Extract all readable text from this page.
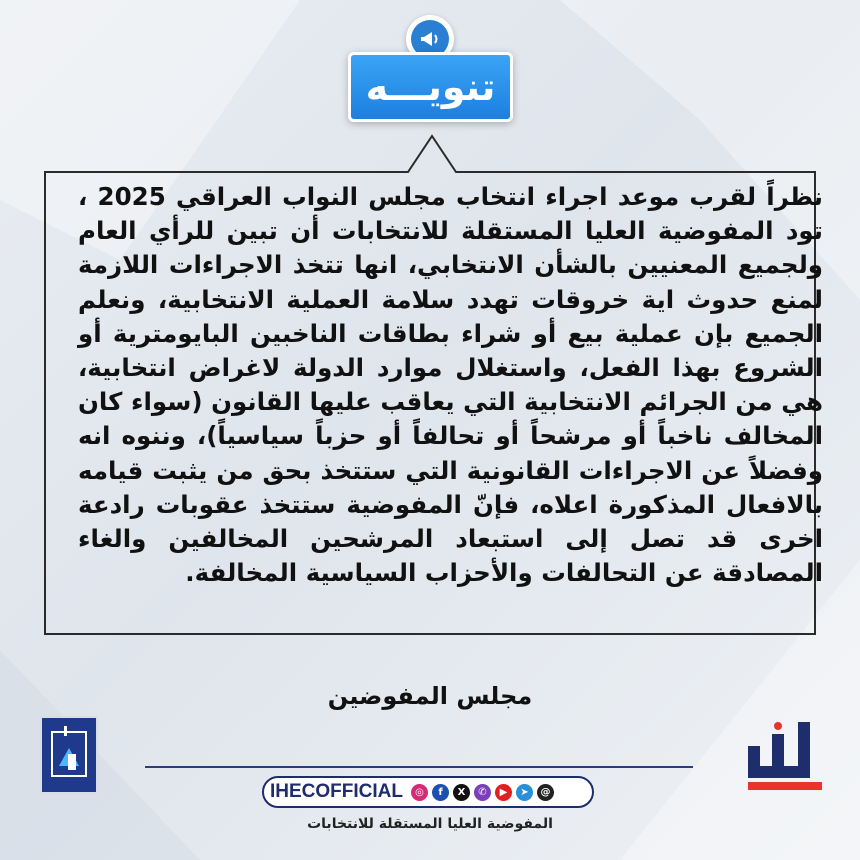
تنويـــه
نظراً لقرب موعد اجراء انتخاب مجلس النواب العراقي 2025 ، تود المفوضية العليا المستقلة للانتخابات أن تبين للرأي العام ولجميع المعنيين بالشأن الانتخابي، انها تتخذ الاجراءات اللازمة لمنع حدوث اية خروقات تهدد سلامة العملية الانتخابية، ونعلم الجميع بإن عملية بيع أو شراء بطاقات الناخبين البايومترية أو الشروع بهذا الفعل، واستغلال موارد الدولة لاغراض انتخابية، هي من الجرائم الانتخابية التي يعاقب عليها القانون (سواء كان المخالف ناخباً أو مرشحاً أو تحالفاً أو حزباً سياسياً)، وننوه انه وفضلاً عن الاجراءات القانونية التي ستتخذ بحق من يثبت قيامه بالافعال المذكورة اعلاه، فإنّ المفوضية ستتخذ عقوبات رادعة اخرى قد تصل إلى استبعاد المرشحين المخالفين والغاء المصادقة عن التحالفات والأحزاب السياسية المخالفة.
مجلس المفوضين
IHECOFFICIAL	◎	f	X	✆	▶	➤	@
المفوضية العليا المستقلة للانتخابات
